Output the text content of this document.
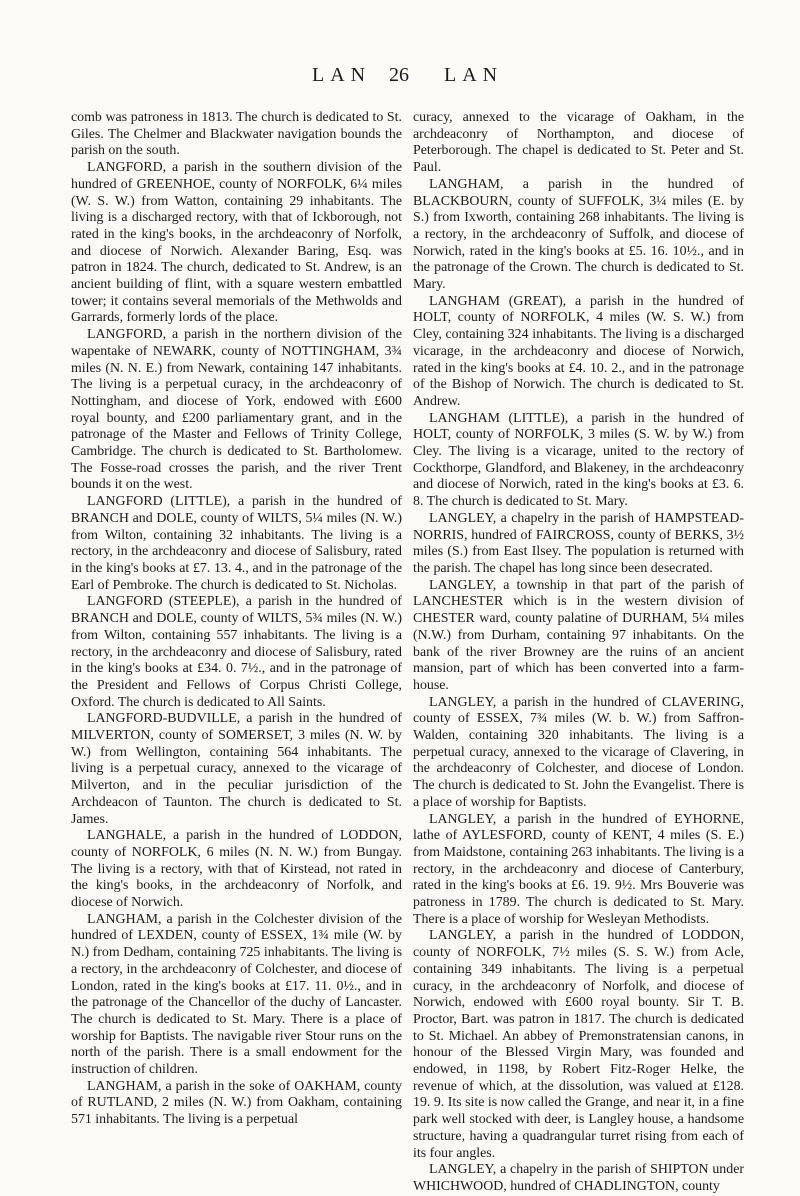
LAN 26 LAN

comb was patroness in 1813. The church is dedicated to St. Giles. The Chelmer and Blackwater navigation bounds the parish on the south.

LANGFORD, a parish in the southern division of the hundred of GREENHOE, county of NORFOLK, 6¼ miles (W. S. W.) from Watton, containing 29 inhabitants. The living is a discharged rectory, with that of Ickborough, not rated in the king's books, in the archdeaconry of Norfolk, and diocese of Norwich. Alexander Baring, Esq. was patron in 1824. The church, dedicated to St. Andrew, is an ancient building of flint, with a square western embattled tower; it contains several memorials of the Methwolds and Garrards, formerly lords of the place.

LANGFORD, a parish in the northern division of the wapentake of NEWARK, county of NOTTINGHAM, 3¾ miles (N. N. E.) from Newark, containing 147 inhabitants. The living is a perpetual curacy, in the archdeaconry of Nottingham, and diocese of York, endowed with £600 royal bounty, and £200 parliamentary grant, and in the patronage of the Master and Fellows of Trinity College, Cambridge. The church is dedicated to St. Bartholomew. The Fosse-road crosses the parish, and the river Trent bounds it on the west.

LANGFORD (LITTLE), a parish in the hundred of BRANCH and DOLE, county of WILTS, 5¼ miles (N. W.) from Wilton, containing 32 inhabitants. The living is a rectory, in the archdeaconry and diocese of Salisbury, rated in the king's books at £7. 13. 4., and in the patronage of the Earl of Pembroke. The church is dedicated to St. Nicholas.

LANGFORD (STEEPLE), a parish in the hundred of BRANCH and DOLE, county of WILTS, 5¾ miles (N. W.) from Wilton, containing 557 inhabitants. The living is a rectory, in the archdeaconry and diocese of Salisbury, rated in the king's books at £34. 0. 7½., and in the patronage of the President and Fellows of Corpus Christi College, Oxford. The church is dedicated to All Saints.

LANGFORD-BUDVILLE, a parish in the hundred of MILVERTON, county of SOMERSET, 3 miles (N. W. by W.) from Wellington, containing 564 inhabitants. The living is a perpetual curacy, annexed to the vicarage of Milverton, and in the peculiar jurisdiction of the Archdeacon of Taunton. The church is dedicated to St. James.

LANGHALE, a parish in the hundred of LODDON, county of NORFOLK, 6 miles (N. N. W.) from Bungay. The living is a rectory, with that of Kirstead, not rated in the king's books, in the archdeaconry of Norfolk, and diocese of Norwich.

LANGHAM, a parish in the Colchester division of the hundred of LEXDEN, county of ESSEX, 1¾ mile (W. by N.) from Dedham, containing 725 inhabitants. The living is a rectory, in the archdeaconry of Colchester, and diocese of London, rated in the king's books at £17. 11. 0½., and in the patronage of the Chancellor of the duchy of Lancaster. The church is dedicated to St. Mary. There is a place of worship for Baptists. The navigable river Stour runs on the north of the parish. There is a small endowment for the instruction of children.

LANGHAM, a parish in the soke of OAKHAM, county of RUTLAND, 2 miles (N. W.) from Oakham, containing 571 inhabitants. The living is a perpetual

curacy, annexed to the vicarage of Oakham, in the archdeaconry of Northampton, and diocese of Peterborough. The chapel is dedicated to St. Peter and St. Paul.

LANGHAM, a parish in the hundred of BLACKBOURN, county of SUFFOLK, 3¼ miles (E. by S.) from Ixworth, containing 268 inhabitants. The living is a rectory, in the archdeaconry of Suffolk, and diocese of Norwich, rated in the king's books at £5. 16. 10½., and in the patronage of the Crown. The church is dedicated to St. Mary.

LANGHAM (GREAT), a parish in the hundred of HOLT, county of NORFOLK, 4 miles (W. S. W.) from Cley, containing 324 inhabitants. The living is a discharged vicarage, in the archdeaconry and diocese of Norwich, rated in the king's books at £4. 10. 2., and in the patronage of the Bishop of Norwich. The church is dedicated to St. Andrew.

LANGHAM (LITTLE), a parish in the hundred of HOLT, county of NORFOLK, 3 miles (S. W. by W.) from Cley. The living is a vicarage, united to the rectory of Cockthorpe, Glandford, and Blakeney, in the archdeaconry and diocese of Norwich, rated in the king's books at £3. 6. 8. The church is dedicated to St. Mary.

LANGLEY, a chapelry in the parish of HAMPSTEAD-NORRIS, hundred of FAIRCROSS, county of BERKS, 3½ miles (S.) from East Ilsey. The population is returned with the parish. The chapel has long since been desecrated.

LANGLEY, a township in that part of the parish of LANCHESTER which is in the western division of CHESTER ward, county palatine of DURHAM, 5¼ miles (N.W.) from Durham, containing 97 inhabitants. On the bank of the river Browney are the ruins of an ancient mansion, part of which has been converted into a farm-house.

LANGLEY, a parish in the hundred of CLAVERING, county of ESSEX, 7¾ miles (W. b. W.) from Saffron-Walden, containing 320 inhabitants. The living is a perpetual curacy, annexed to the vicarage of Clavering, in the archdeaconry of Colchester, and diocese of London. The church is dedicated to St. John the Evangelist. There is a place of worship for Baptists.

LANGLEY, a parish in the hundred of EYHORNE, lathe of AYLESFORD, county of KENT, 4 miles (S. E.) from Maidstone, containing 263 inhabitants. The living is a rectory, in the archdeaconry and diocese of Canterbury, rated in the king's books at £6. 19. 9½. Mrs Bouverie was patroness in 1789. The church is dedicated to St. Mary. There is a place of worship for Wesleyan Methodists.

LANGLEY, a parish in the hundred of LODDON, county of NORFOLK, 7½ miles (S. S. W.) from Acle, containing 349 inhabitants. The living is a perpetual curacy, in the archdeaconry of Norfolk, and diocese of Norwich, endowed with £600 royal bounty. Sir T. B. Proctor, Bart. was patron in 1817. The church is dedicated to St. Michael. An abbey of Premonstratensian canons, in honour of the Blessed Virgin Mary, was founded and endowed, in 1198, by Robert Fitz-Roger Helke, the revenue of which, at the dissolution, was valued at £128. 19. 9. Its site is now called the Grange, and near it, in a fine park well stocked with deer, is Langley house, a handsome structure, having a quadrangular turret rising from each of its four angles.

LANGLEY, a chapelry in the parish of SHIPTON under WHICHWOOD, hundred of CHADLINGTON, county
